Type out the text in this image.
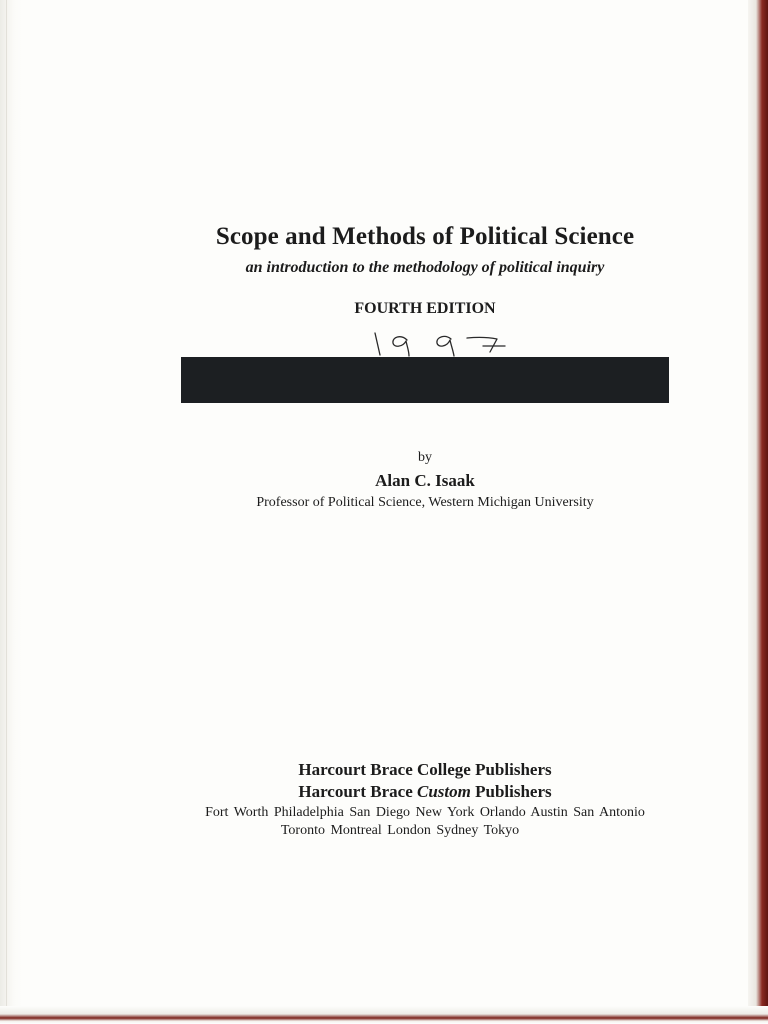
Scope and Methods of Political Science
an introduction to the methodology of political inquiry
FOURTH EDITION
by
Alan C. Isaak
Professor of Political Science, Western Michigan University
Harcourt Brace College Publishers
Harcourt Brace Custom Publishers
Fort Worth Philadelphia San Diego New York Orlando Austin San Antonio
Toronto Montreal London Sydney Tokyo
